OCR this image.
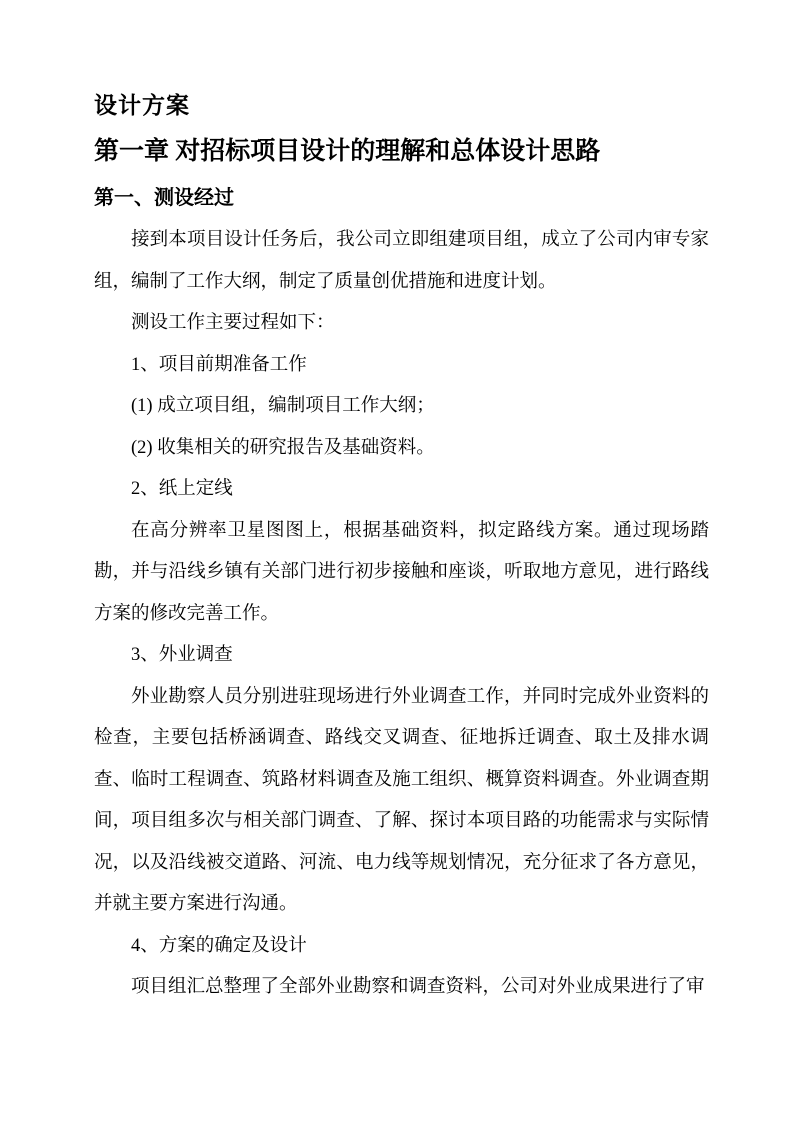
设计方案
第一章 对招标项目设计的理解和总体设计思路
第一、测设经过

接到本项目设计任务后，我公司立即组建项目组，成立了公司内审专家组，编制了工作大纲，制定了质量创优措施和进度计划。

测设工作主要过程如下：

1、项目前期准备工作

(1) 成立项目组，编制项目工作大纲；

(2) 收集相关的研究报告及基础资料。

2、纸上定线

在高分辨率卫星图图上，根据基础资料，拟定路线方案。通过现场踏勘，并与沿线乡镇有关部门进行初步接触和座谈，听取地方意见，进行路线方案的修改完善工作。

3、外业调查

外业勘察人员分别进驻现场进行外业调查工作，并同时完成外业资料的检查，主要包括桥涵调查、路线交叉调查、征地拆迁调查、取土及排水调查、临时工程调查、筑路材料调查及施工组织、概算资料调查。外业调查期间，项目组多次与相关部门调查、了解、探讨本项目路的功能需求与实际情况，以及沿线被交道路、河流、电力线等规划情况，充分征求了各方意见，并就主要方案进行沟通。

4、方案的确定及设计

项目组汇总整理了全部外业勘察和调查资料，公司对外业成果进行了审
